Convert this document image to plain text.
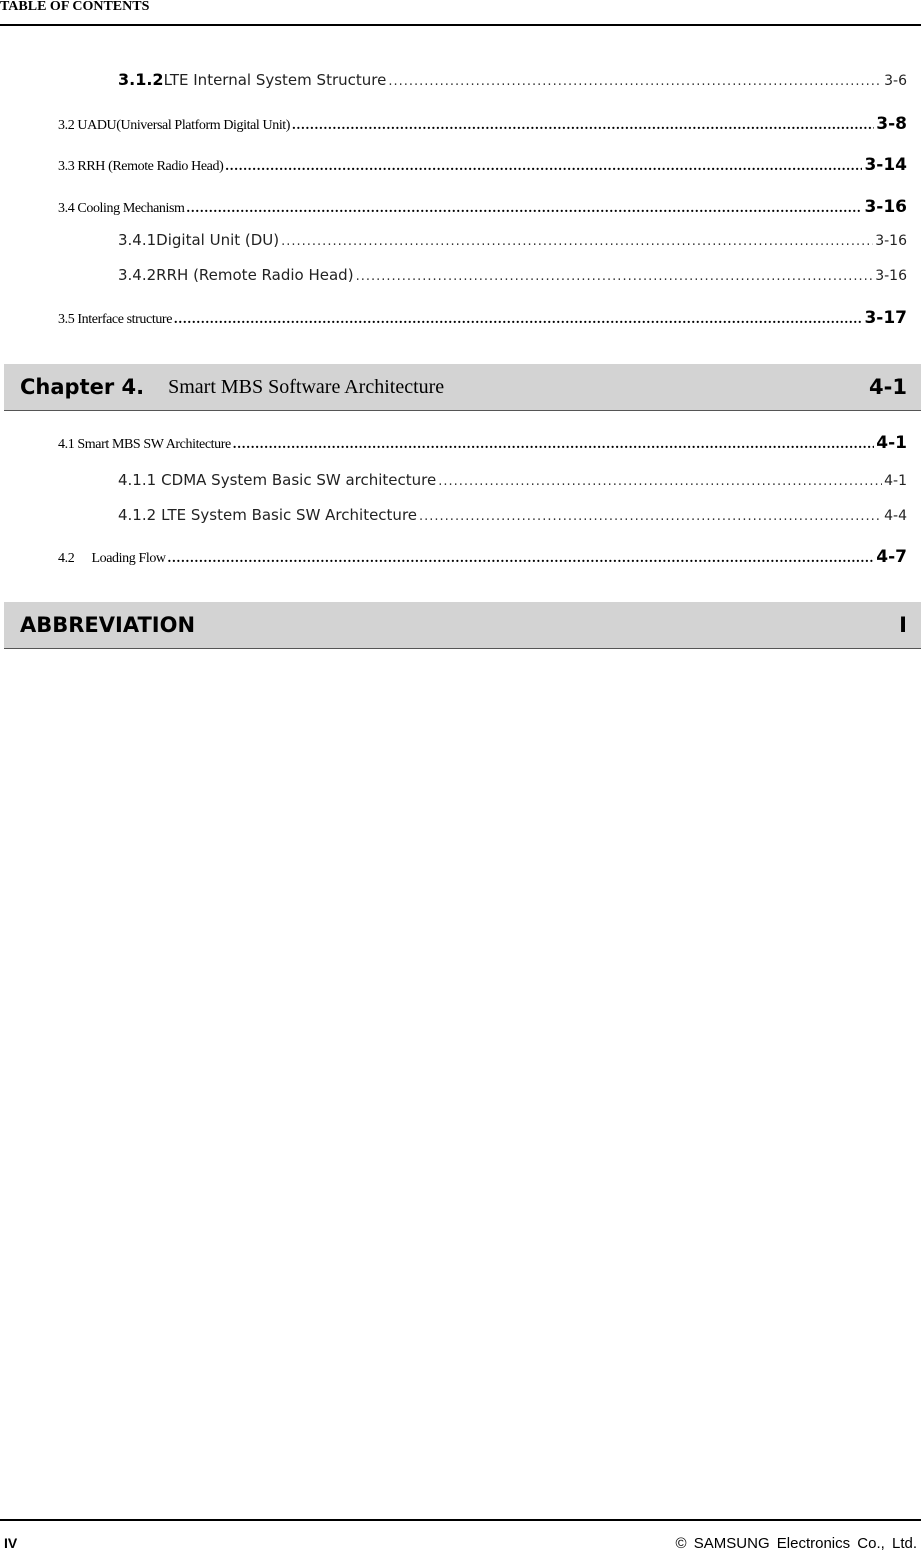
TABLE OF CONTENTS
3.1.2 LTE Internal System Structure .....	3-6
3.2 UADU(Universal Platform Digital Unit) .....	3-8
3.3 RRH (Remote Radio Head) .....	3-14
3.4 Cooling Mechanism .....	3-16
3.4.1 Digital Unit (DU) .....	3-16
3.4.2 RRH (Remote Radio Head) .....	3-16
3.5 Interface structure .....	3-17
Chapter 4. Smart MBS Software Architecture	4-1
4.1 Smart MBS SW Architecture .....	4-1
4.1.1 CDMA System Basic SW architecture .....	4-1
4.1.2 LTE System Basic SW Architecture .....	4-4
4.2	Loading Flow .....	4-7
ABBREVIATION	I
IV	© SAMSUNG Electronics Co., Ltd.
